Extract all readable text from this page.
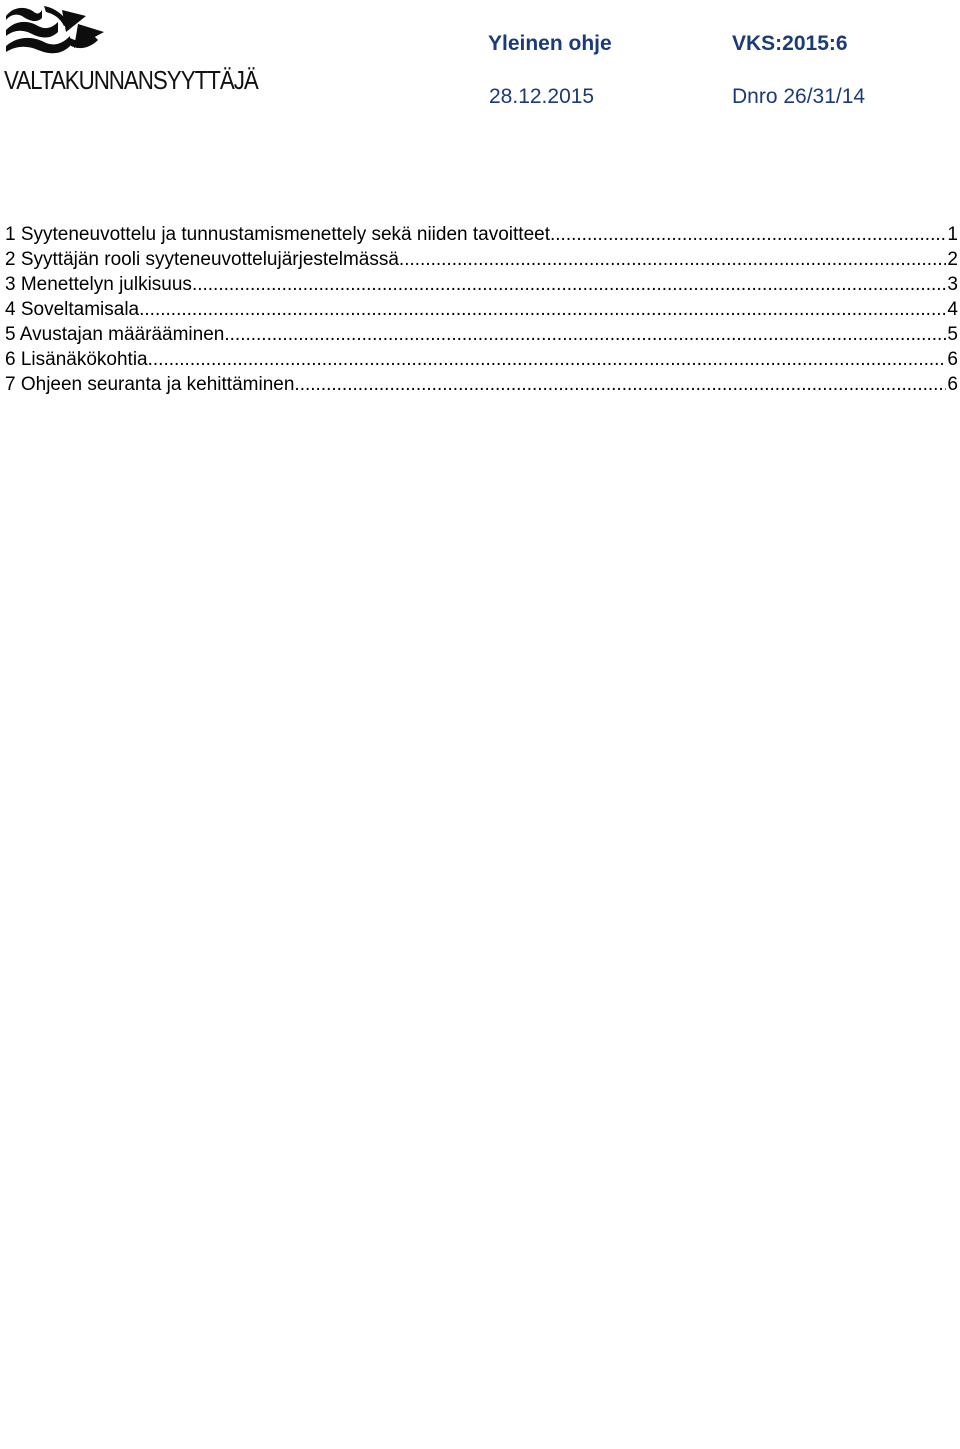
VALTAKUNNANSYYTTÄJÄ
Yleinen ohje	VKS:2015:6
28.12.2015	Dnro 26/31/14
1 Syyteneuvottelu ja tunnustamismenettely sekä niiden tavoitteet .....	1
2 Syyttäjän rooli syyteneuvottelujärjestelmässä .....	2
3 Menettelyn julkisuus .....	3
4 Soveltamisala .....	4
5 Avustajan määrääminen .....	5
6 Lisänäkökohtia .....	6
7 Ohjeen seuranta ja kehittäminen .....	6
